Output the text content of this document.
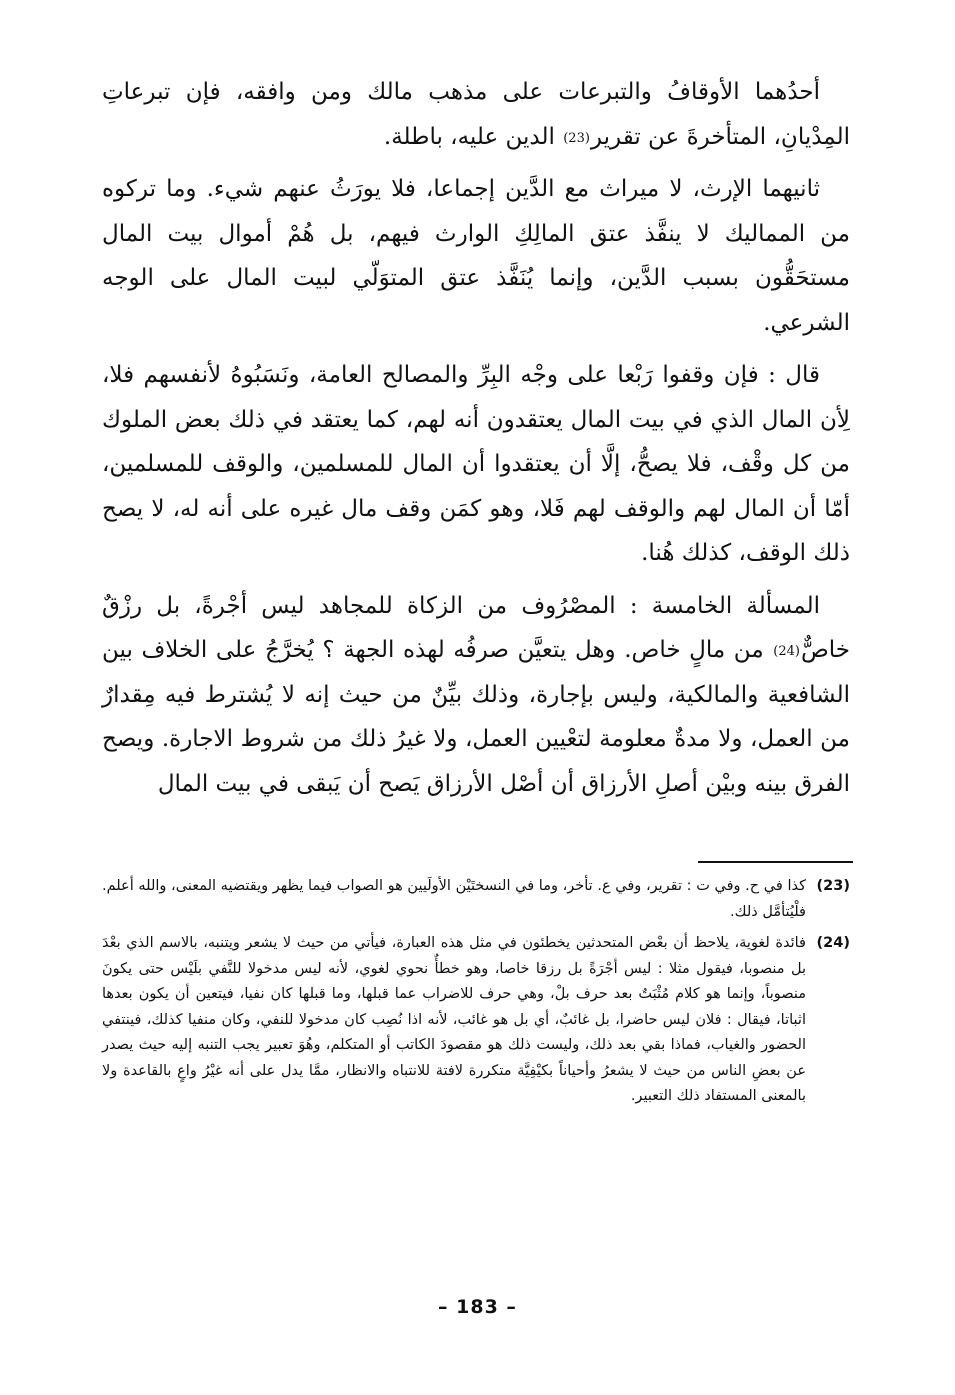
أحدُهما الأوقافُ والتبرعات على مذهب مالك ومن وافقه، فإن تبرعاتِ المِدْيانِ، المتأخرةَ عن تقرير$^{(23)}$ الدين عليه، باطلة.

ثانيهما الإرث، لا ميراث مع الدَّين إجماعا، فلا يورَثُ عنهم شيء. وما تركوه من المماليك لا ينفَّذ عتق المالِكِ الوارث فيهم، بل هُمْ أموال بيت المال مستحَقُّون بسبب الدَّين، وإنما يُنَفَّذ عتق المتوَلّي لبيت المال على الوجه الشرعي.

قال : فإن وقفوا رَبْعا على وجْه البِرِّ والمصالح العامة، ونَسَبُوهُ لأنفسهم فلا، لِأن المال الذي في بيت المال يعتقدون أنه لهم، كما يعتقد في ذلك بعض الملوك من كل وقْف، فلا يصحُّ، إلَّا أن يعتقدوا أن المال للمسلمين، والوقف للمسلمين، أمّا أن المال لهم والوقف لهم فَلا، وهو كمَن وقف مال غيره على أنه له، لا يصح ذلك الوقف، كذلك هُنا.

المسألة الخامسة : المصْرُوف من الزكاة للمجاهد ليس أجْرةً، بل رزْقٌ خاصٌّ$^{(24)}$ من مالٍ خاص. وهل يتعيَّن صرفُه لهذه الجهة ؟ يُخرَّجُ على الخلاف بين الشافعية والمالكية، وليس بإجارة، وذلك بيِّنٌ من حيث إنه لا يُشترط فيه مِقدارٌ من العمل، ولا مدةٌ معلومة لتعْيين العمل، ولا غيرُ ذلك من شروط الاجارة. ويصح الفرق بينه وبيْن أصلِ الأرزاق أن أصْل الأرزاق يَصح أن يَبقى في بيت المال

(23)
كذا في ح. وفي ت : تقرير، وفي ع. تأخر، وما في النسختَيْن الأولَيين هو الصواب فيما يظهر ويقتضيه المعنى، والله أعلم. فلْيُتأمَّل ذلك.
(24)
فائدة لغوية، يلاحظ أن بعْض المتحدثين يخطئون في مثل هذه العبارة، فيأتي من حيث لا يشعر ويتنبه، بالاسم الذي بعْدَ بل منصوبا، فيقول مثلا : ليس أجْرَةً بل رزقا خاصا، وهو خطأٌ نحوي لغوي، لأنه ليس مدخولا للنَّفي بلَيْس حتى يكونَ منصوباً، وإنما هو كلام مُثْبَتٌ بعد حرف بلْ، وهي حرف للاضراب عما قبلها، وما قبلها كان نفيا، فيتعين أن يكون بعدها اثباتا، فيقال : فلان ليس حاضرا، بل غائبٌ، أي بل هو غائب، لأنه اذا نُصِب كان مدخولا للنفي، وكان منفيا كذلك، فينتفي الحضور والغياب، فماذا بقي بعد ذلك، وليست ذلك هو مقصودَ الكاتب أو المتكلم، وهُوَ تعبير يجب التنبه إليه حيث يصدر عن بعضِ الناس من حيث لا يشعرُ وأحياناً بكيْفِيَّة متكررة لافتة للانتباه والانظار، ممَّا يدل على أنه غيْرُ واعٍ بالقاعدة ولا بالمعنى المستفاد ذلك التعبير.
– 183 –
